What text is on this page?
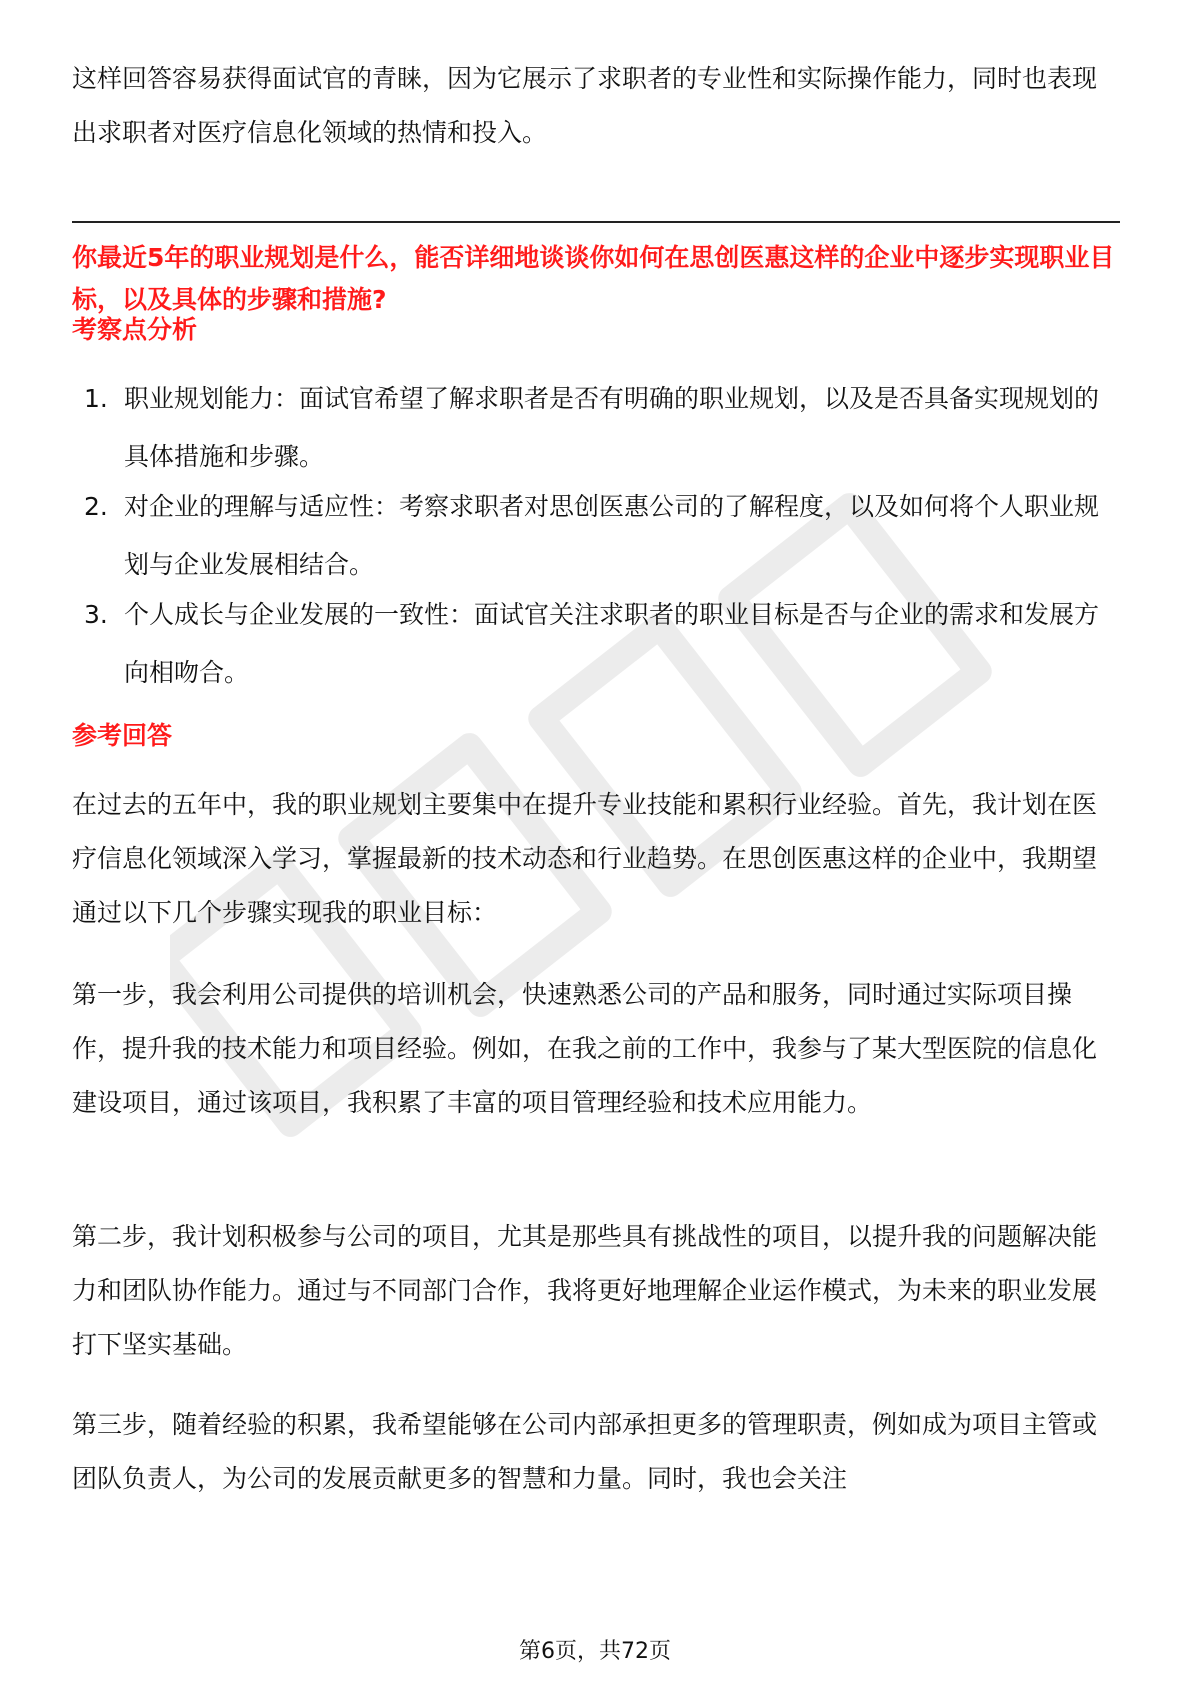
这样回答容易获得面试官的青睐，因为它展示了求职者的专业性和实际操作能力，同时也表现出求职者对医疗信息化领域的热情和投入。

你最近5年的职业规划是什么，能否详细地谈谈你如何在思创医惠这样的企业中逐步实现职业目标，以及具体的步骤和措施?

考察点分析
1. 职业规划能力：面试官希望了解求职者是否有明确的职业规划，以及是否具备实现规划的具体措施和步骤。
2. 对企业的理解与适应性：考察求职者对思创医惠公司的了解程度，以及如何将个人职业规划与企业发展相结合。
3. 个人成长与企业发展的一致性：面试官关注求职者的职业目标是否与企业的需求和发展方向相吻合。
参考回答

在过去的五年中，我的职业规划主要集中在提升专业技能和累积行业经验。首先，我计划在医疗信息化领域深入学习，掌握最新的技术动态和行业趋势。在思创医惠这样的企业中，我期望通过以下几个步骤实现我的职业目标：

第一步，我会利用公司提供的培训机会，快速熟悉公司的产品和服务，同时通过实际项目操作，提升我的技术能力和项目经验。例如，在我之前的工作中，我参与了某大型医院的信息化建设项目，通过该项目，我积累了丰富的项目管理经验和技术应用能力。

第二步，我计划积极参与公司的项目，尤其是那些具有挑战性的项目，以提升我的问题解决能力和团队协作能力。通过与不同部门合作，我将更好地理解企业运作模式，为未来的职业发展打下坚实基础。

第三步，随着经验的积累，我希望能够在公司内部承担更多的管理职责，例如成为项目主管或团队负责人，为公司的发展贡献更多的智慧和力量。同时，我也会关注

第6页，共72页
